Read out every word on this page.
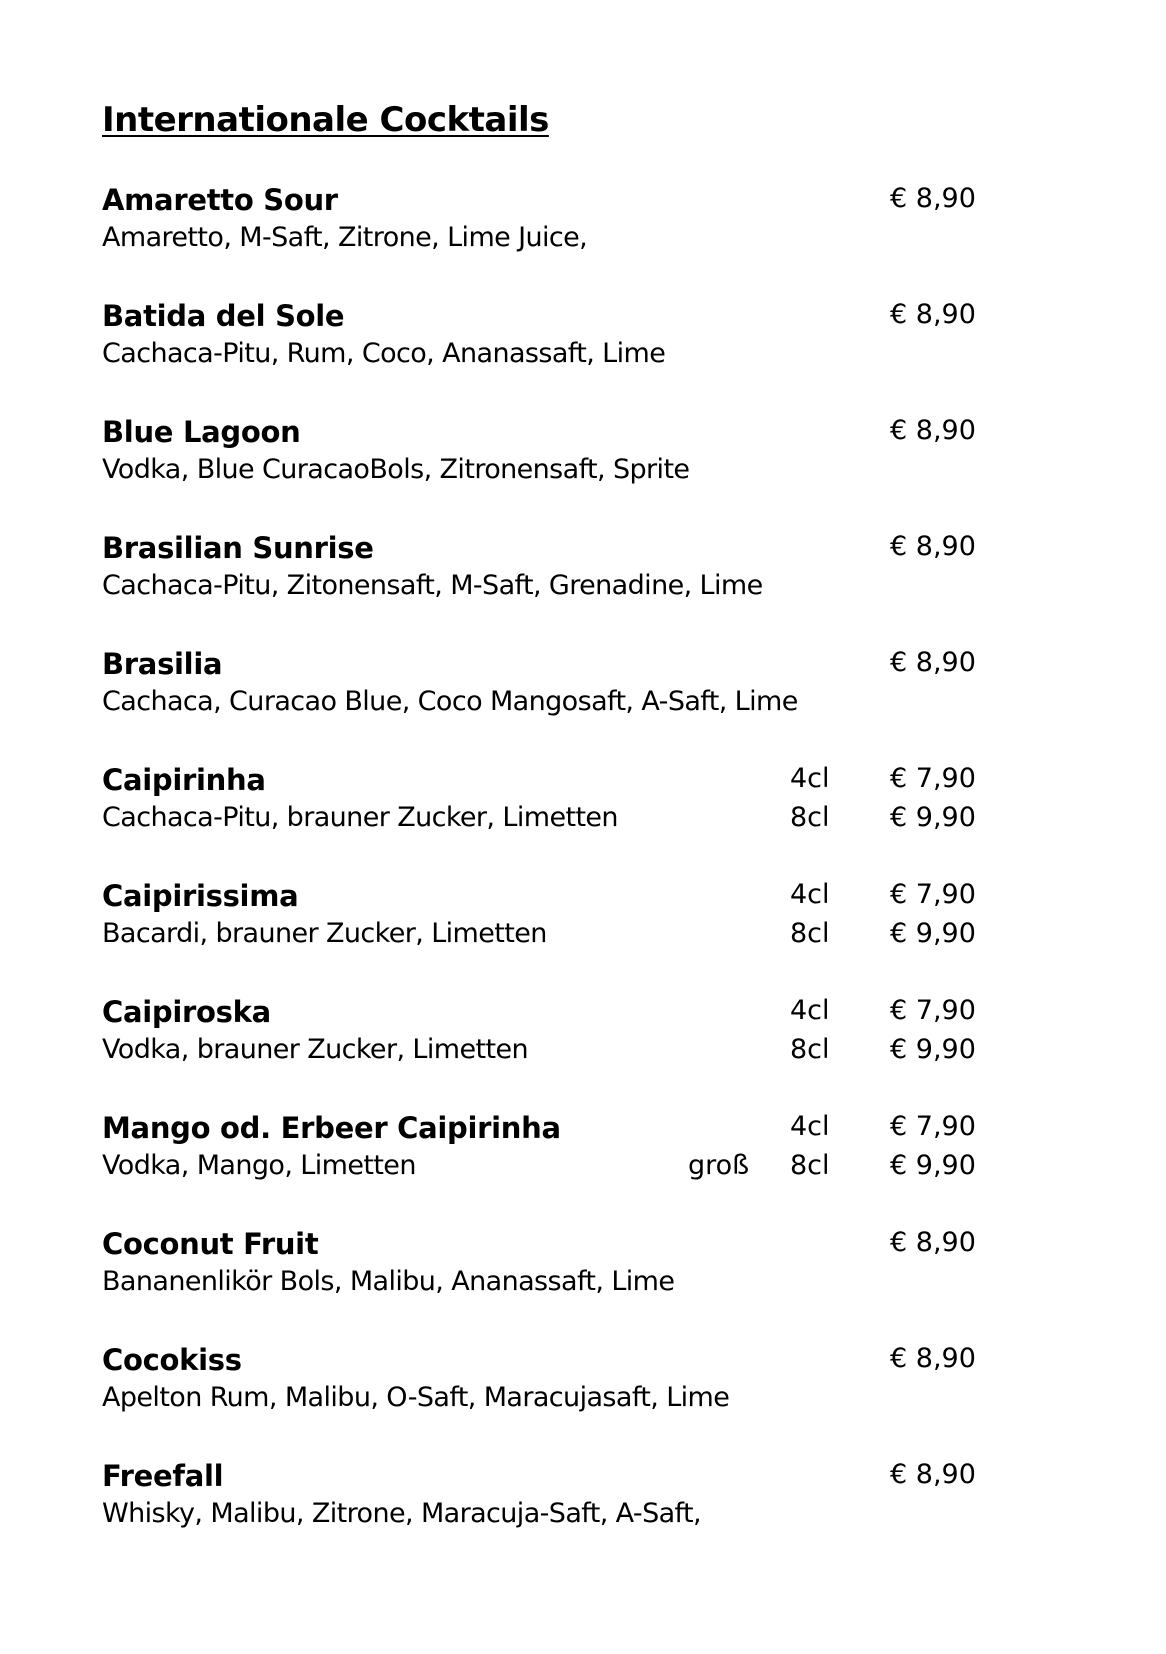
Internationale Cocktails
Amaretto Sour	€ 8,90
Amaretto, M-Saft, Zitrone, Lime Juice,
Batida del Sole	€ 8,90
Cachaca-Pitu, Rum, Coco, Ananassaft, Lime
Blue Lagoon	€ 8,90
Vodka, Blue CuracaoBols, Zitronensaft, Sprite
Brasilian Sunrise	€ 8,90
Cachaca-Pitu, Zitonensaft, M-Saft, Grenadine, Lime
Brasilia	€ 8,90
Cachaca, Curacao Blue, Coco Mangosaft, A-Saft, Lime
Caipirinha	4cl € 7,90
Cachaca-Pitu, brauner Zucker, Limetten	8cl € 9,90
Caipirissima	4cl € 7,90
Bacardi, brauner Zucker, Limetten	8cl € 9,90
Caipiroska	4cl € 7,90
Vodka, brauner Zucker, Limetten	8cl € 9,90
Mango od. Erbeer Caipirinha	4cl € 7,90
Vodka, Mango, Limetten	groß 8cl € 9,90
Coconut Fruit	€ 8,90
Bananenlikör Bols, Malibu, Ananassaft, Lime
Cocokiss	€ 8,90
Apelton Rum, Malibu, O-Saft, Maracujasaft, Lime
Freefall	€ 8,90
Whisky, Malibu, Zitrone, Maracuja-Saft, A-Saft,
